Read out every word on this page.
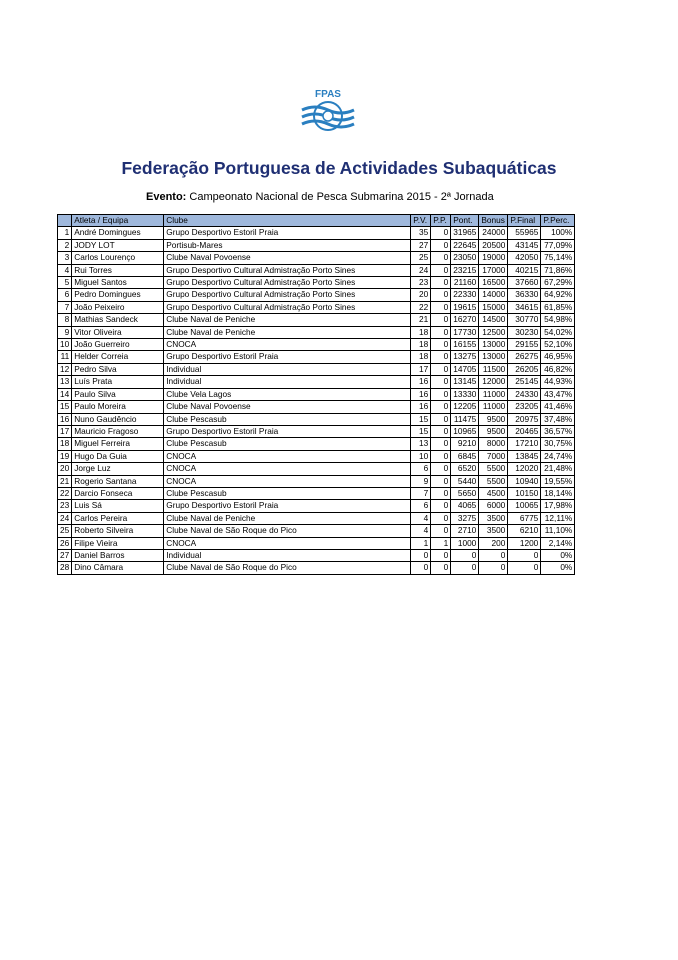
FPAS
Federação Portuguesa de Actividades Subaquáticas
Evento: Campeonato Nacional de Pesca Submarina 2015 - 2ª Jornada
	Atleta / Equipa	Clube	P.V.	P.P.	Pont.	Bonus	P.Final	P.Perc.
1	André Domingues	Grupo Desportivo Estoril Praia	35	0	31965	24000	55965	100%
2	JODY LOT	Portisub-Mares	27	0	22645	20500	43145	77,09%
3	Carlos Lourenço	Clube Naval Povoense	25	0	23050	19000	42050	75,14%
4	Rui Torres	Grupo Desportivo Cultural Admistração Porto Sines	24	0	23215	17000	40215	71,86%
5	Miguel Santos	Grupo Desportivo Cultural Admistração Porto Sines	23	0	21160	16500	37660	67,29%
6	Pedro Domingues	Grupo Desportivo Cultural Admistração Porto Sines	20	0	22330	14000	36330	64,92%
7	João Peixeiro	Grupo Desportivo Cultural Admistração Porto Sines	22	0	19615	15000	34615	61,85%
8	Mathias Sandeck	Clube Naval de Peniche	21	0	16270	14500	30770	54,98%
9	Vitor Oliveira	Clube Naval de Peniche	18	0	17730	12500	30230	54,02%
10	João Guerreiro	CNOCA	18	0	16155	13000	29155	52,10%
11	Helder Correia	Grupo Desportivo Estoril Praia	18	0	13275	13000	26275	46,95%
12	Pedro Silva	Individual	17	0	14705	11500	26205	46,82%
13	Luís Prata	Individual	16	0	13145	12000	25145	44,93%
14	Paulo Silva	Clube Vela Lagos	16	0	13330	11000	24330	43,47%
15	Paulo Moreira	Clube Naval Povoense	16	0	12205	11000	23205	41,46%
16	Nuno Gaudêncio	Clube Pescasub	15	0	11475	9500	20975	37,48%
17	Mauricio Fragoso	Grupo Desportivo Estoril Praia	15	0	10965	9500	20465	36,57%
18	Miguel Ferreira	Clube Pescasub	13	0	9210	8000	17210	30,75%
19	Hugo Da Guia	CNOCA	10	0	6845	7000	13845	24,74%
20	Jorge Luz	CNOCA	6	0	6520	5500	12020	21,48%
21	Rogerio Santana	CNOCA	9	0	5440	5500	10940	19,55%
22	Darcio Fonseca	Clube Pescasub	7	0	5650	4500	10150	18,14%
23	Luis Sá	Grupo Desportivo Estoril Praia	6	0	4065	6000	10065	17,98%
24	Carlos Pereira	Clube Naval de Peniche	4	0	3275	3500	6775	12,11%
25	Roberto Silveira	Clube Naval de São Roque do Pico	4	0	2710	3500	6210	11,10%
26	Filipe Vieira	CNOCA	1	1	1000	200	1200	2,14%
27	Daniel Barros	Individual	0	0	0	0	0	0%
28	Dino Câmara	Clube Naval de São Roque do Pico	0	0	0	0	0	0%
